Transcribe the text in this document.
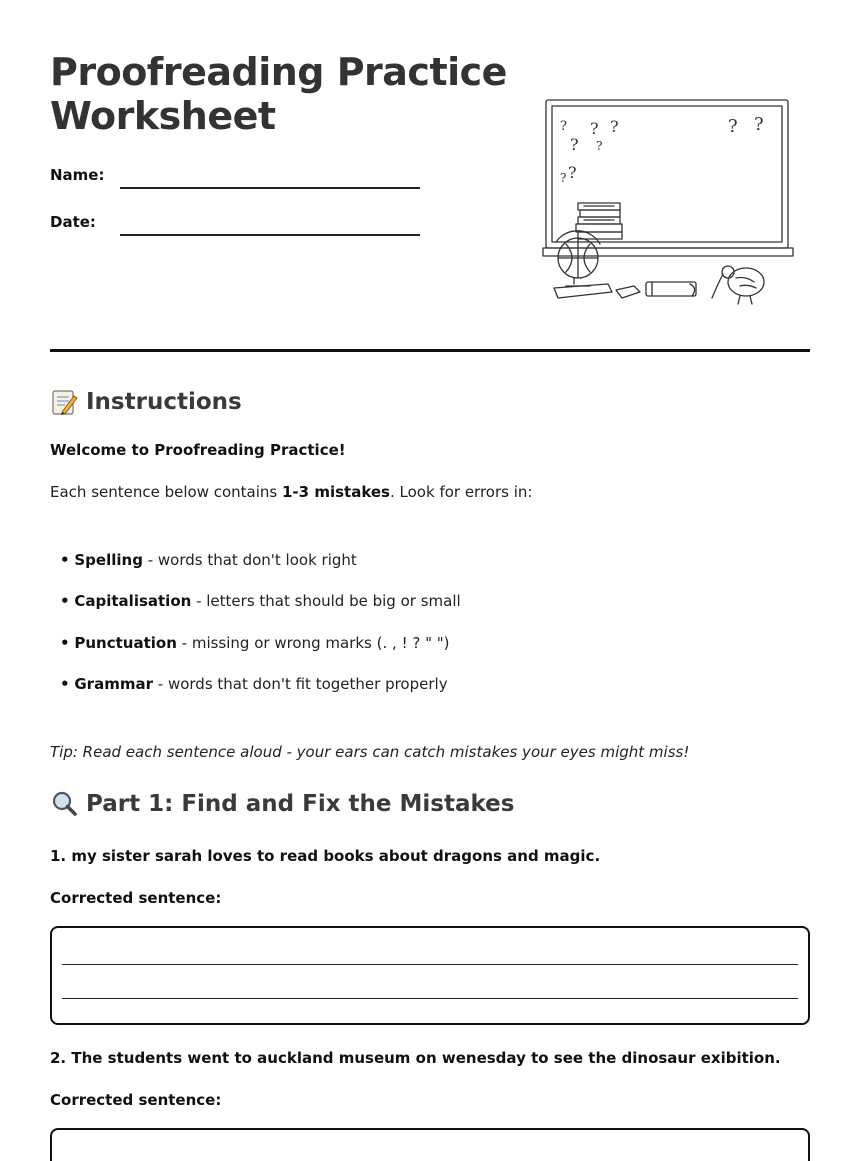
Proofreading Practice Worksheet
Name:
Date:
? ? ?
? ?
? ?
? ?
Instructions

Welcome to Proofreading Practice!

Each sentence below contains 1-3 mistakes. Look for errors in:

• Spelling - words that don't look right
• Capitalisation - letters that should be big or small
• Punctuation - missing or wrong marks (. , ! ? " ")
• Grammar - words that don't fit together properly
Tip: Read each sentence aloud - your ears can catch mistakes your eyes might miss!
Part 1: Find and Fix the Mistakes
1. my sister sarah loves to read books about dragons and magic.
Corrected sentence:
2. The students went to auckland museum on wenesday to see the dinosaur exibition.
Corrected sentence:
